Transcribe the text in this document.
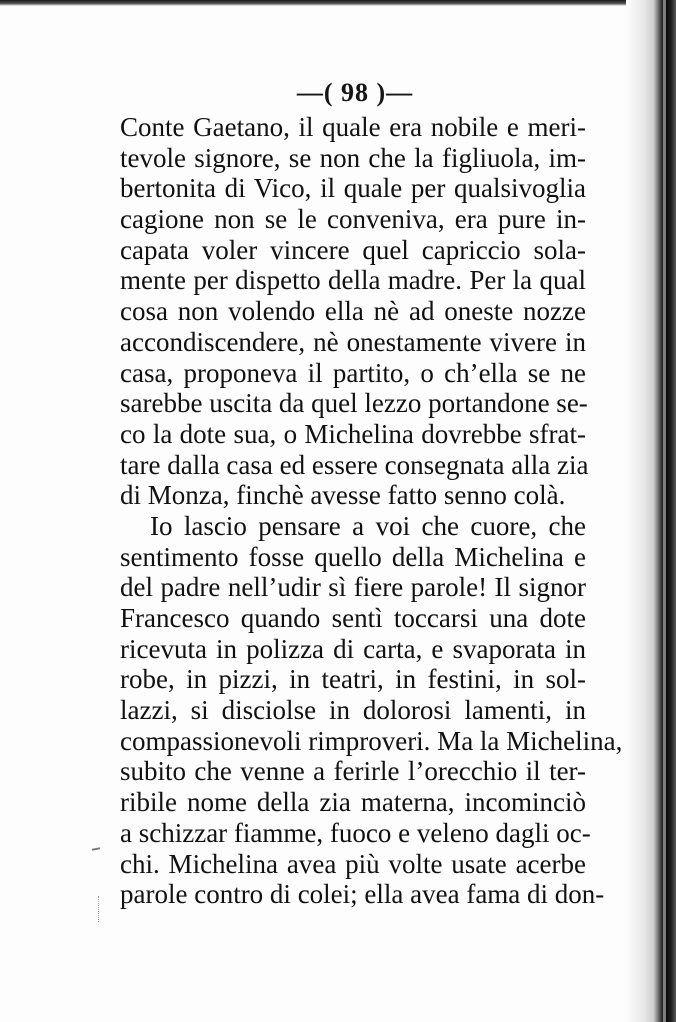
—( 98 )—
Conte Gaetano, il quale era nobile e meri-
tevole signore, se non che la figliuola, im-
bertonita di Vico, il quale per qualsivoglia
cagione non se le conveniva, era pure in-
capata voler vincere quel capriccio sola-
mente per dispetto della madre. Per la qual
cosa non volendo ella nè ad oneste nozze
accondiscendere, nè onestamente vivere in
casa, proponeva il partito, o ch’ella se ne
sarebbe uscita da quel lezzo portandone se-
co la dote sua, o Michelina dovrebbe sfrat-
tare dalla casa ed essere consegnata alla zia
di Monza, finchè avesse fatto senno colà.
Io lascio pensare a voi che cuore, che
sentimento fosse quello della Michelina e
del padre nell’udir sì fiere parole! Il signor
Francesco quando sentì toccarsi una dote
ricevuta in polizza di carta, e svaporata in
robe, in pizzi, in teatri, in festini, in sol-
lazzi, si disciolse in dolorosi lamenti, in
compassionevoli rimproveri. Ma la Michelina,
subito che venne a ferirle l’orecchio il ter-
ribile nome della zia materna, incominciò
a schizzar fiamme, fuoco e veleno dagli oc-
chi. Michelina avea più volte usate acerbe
parole contro di colei; ella avea fama di don-
